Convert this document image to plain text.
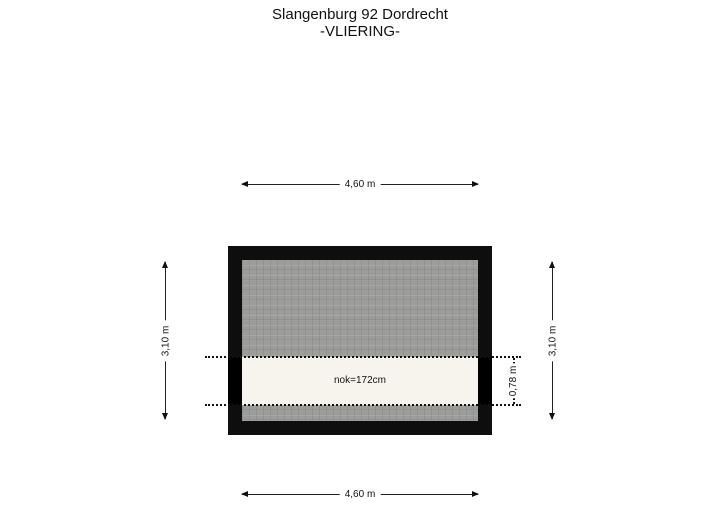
Slangenburg 92 Dordrecht
-VLIERING-
4,60 m
3,10 m	3,10 m
nok=172cm	0,78 m
4,60 m
